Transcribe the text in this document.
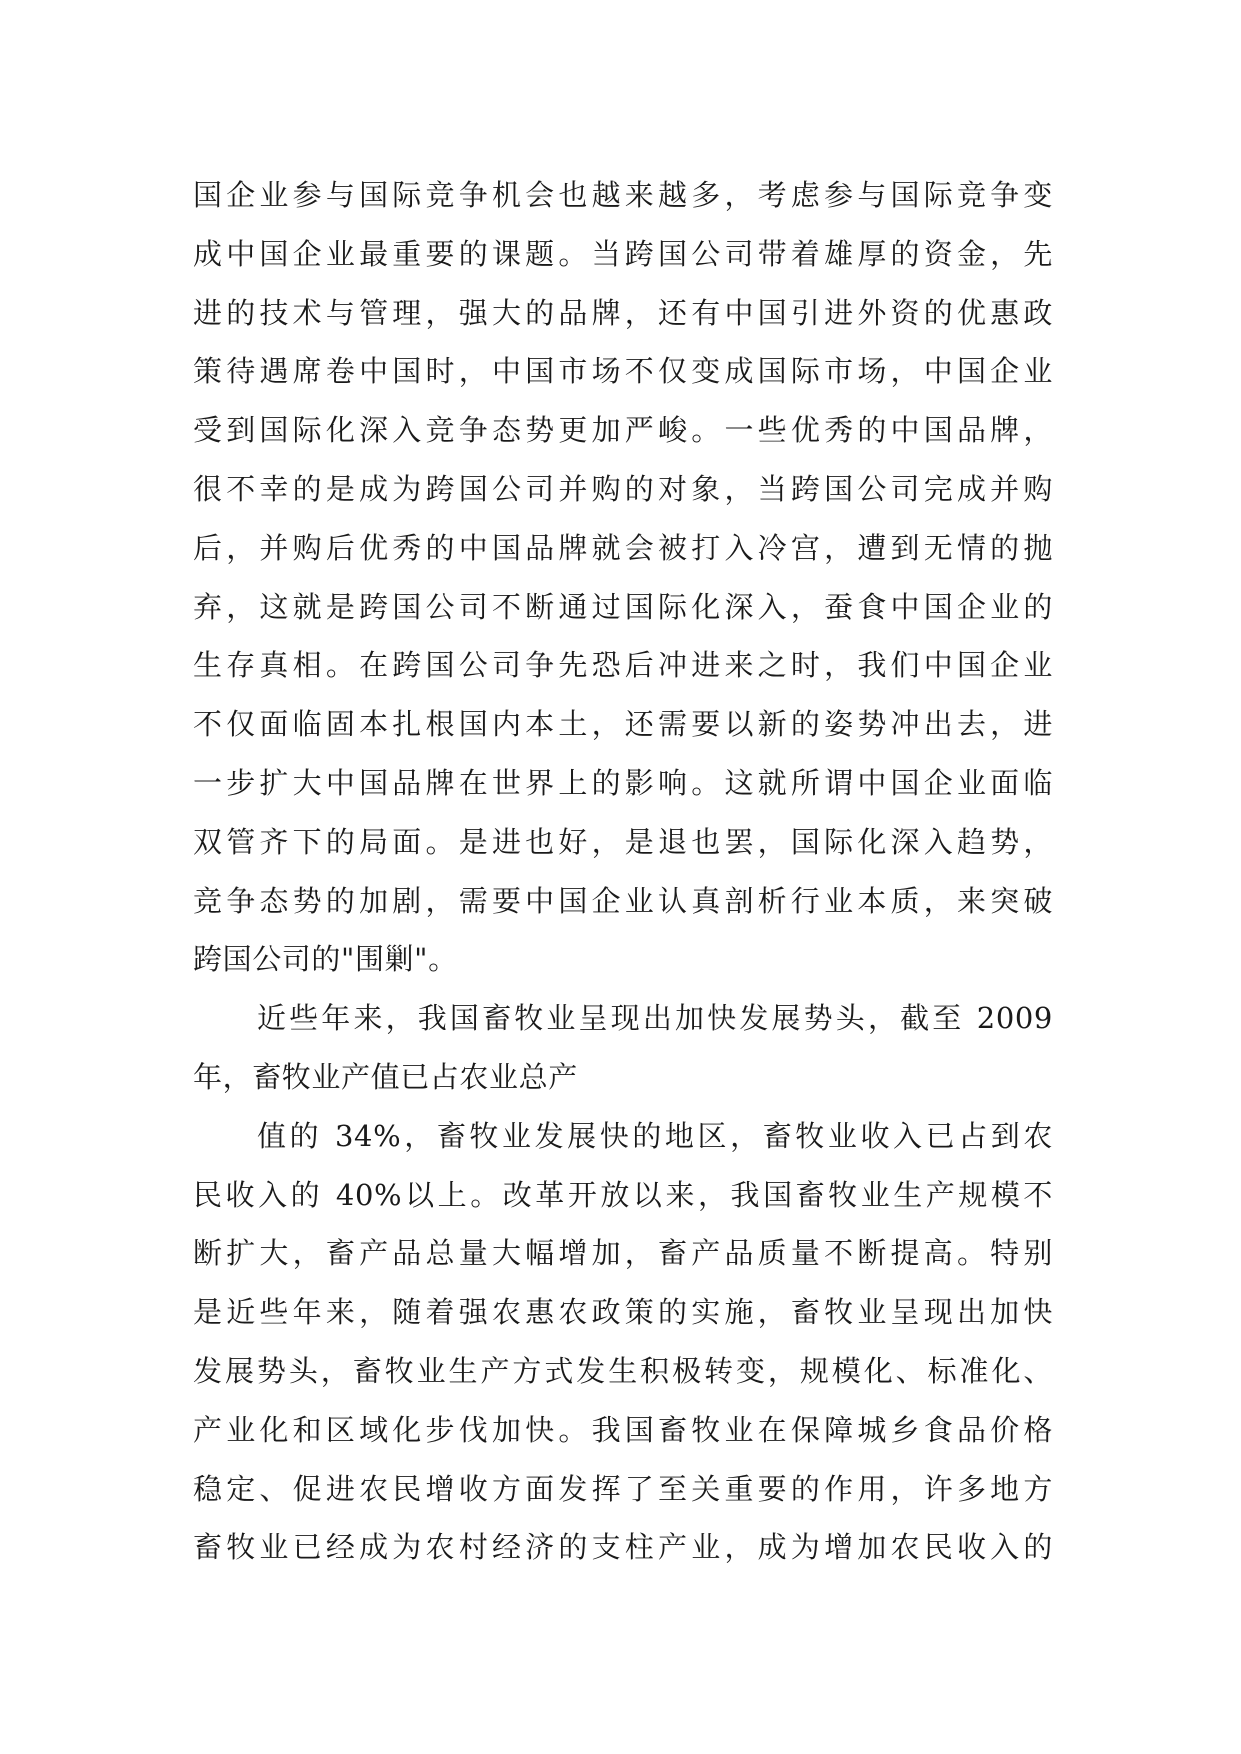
国企业参与国际竞争机会也越来越多，考虑参与国际竞争变
成中国企业最重要的课题。当跨国公司带着雄厚的资金，先
进的技术与管理，强大的品牌，还有中国引进外资的优惠政
策待遇席卷中国时，中国市场不仅变成国际市场，中国企业
受到国际化深入竞争态势更加严峻。一些优秀的中国品牌，
很不幸的是成为跨国公司并购的对象，当跨国公司完成并购
后，并购后优秀的中国品牌就会被打入冷宫，遭到无情的抛
弃，这就是跨国公司不断通过国际化深入，蚕食中国企业的
生存真相。在跨国公司争先恐后冲进来之时，我们中国企业
不仅面临固本扎根国内本土，还需要以新的姿势冲出去，进
一步扩大中国品牌在世界上的影响。这就所谓中国企业面临
双管齐下的局面。是进也好，是退也罢，国际化深入趋势，
竞争态势的加剧，需要中国企业认真剖析行业本质，来突破
跨国公司的"围剿"。
近些年来，我国畜牧业呈现出加快发展势头，截至 2009
年，畜牧业产值已占农业总产
值的 34%，畜牧业发展快的地区，畜牧业收入已占到农
民收入的 40%以上。改革开放以来，我国畜牧业生产规模不
断扩大，畜产品总量大幅增加，畜产品质量不断提高。特别
是近些年来，随着强农惠农政策的实施，畜牧业呈现出加快
发展势头，畜牧业生产方式发生积极转变，规模化、标准化、
产业化和区域化步伐加快。我国畜牧业在保障城乡食品价格
稳定、促进农民增收方面发挥了至关重要的作用，许多地方
畜牧业已经成为农村经济的支柱产业，成为增加农民收入的
